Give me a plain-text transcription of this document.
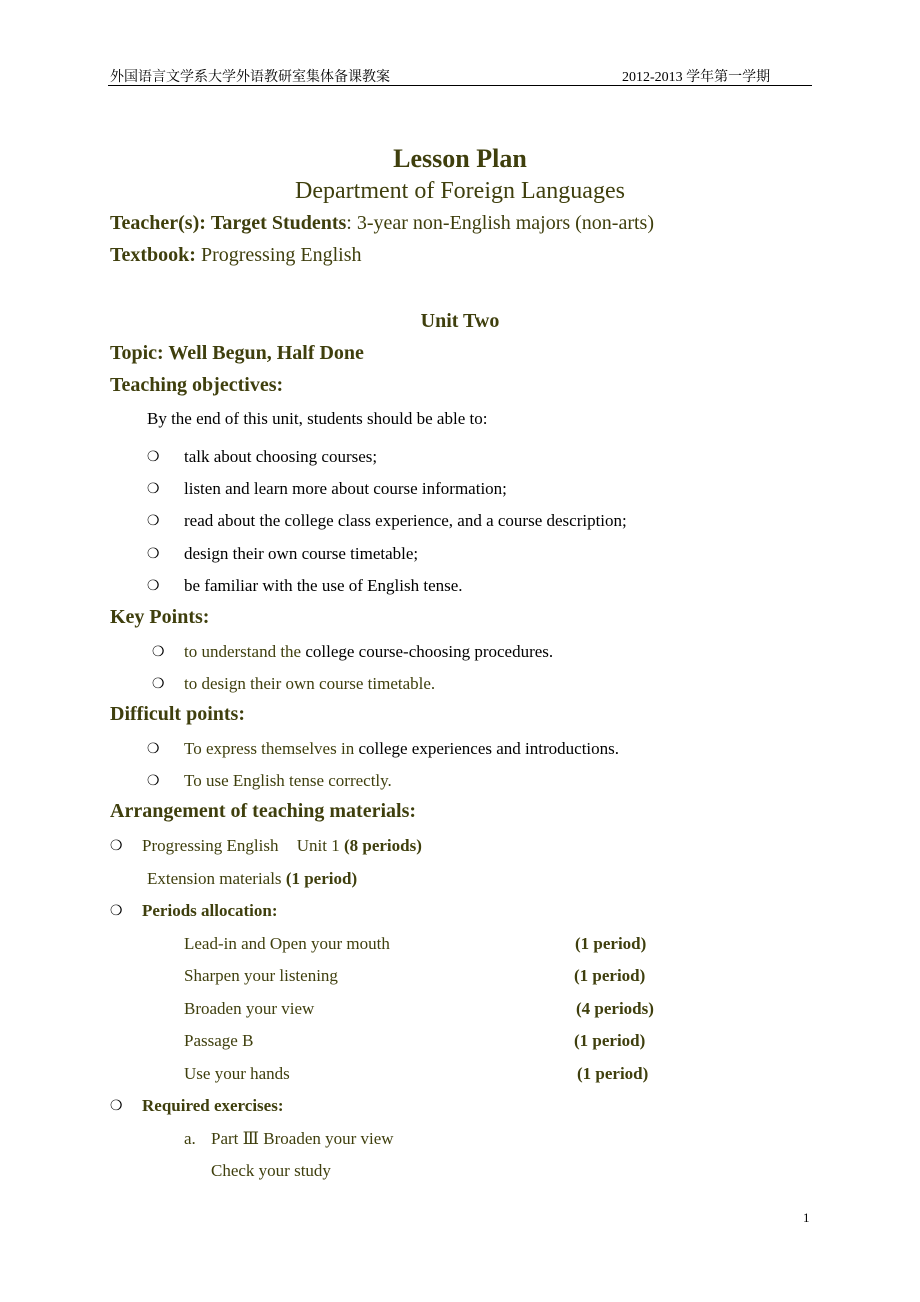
外国语言文学系大学外语教研室集体备课教案	2012-2013 学年第一学期
Lesson Plan
Department of Foreign Languages
Teacher(s): Target Students: 3-year non-English majors (non-arts)
Textbook: Progressing English
Unit Two
Topic: Well Begun, Half Done
Teaching objectives:
By the end of this unit, students should be able to:
❍ talk about choosing courses;
❍ listen and learn more about course information;
❍ read about the college class experience, and a course description;
❍ design their own course timetable;
❍ be familiar with the use of English tense.
Key Points:
❍ to understand the college course-choosing procedures.
❍ to design their own course timetable.
Difficult points:
❍ To express themselves in college experiences and introductions.
❍ To use English tense correctly.
Arrangement of teaching materials:
❍ Progressing English Unit 1 (8 periods)
Extension materials (1 period)
❍ Periods allocation:
Lead-in and Open your mouth	(1 period)
Sharpen your listening	(1 period)
Broaden your view	(4 periods)
Passage B	(1 period)
Use your hands	(1 period)
❍ Required exercises:
a. Part Ⅲ Broaden your view
Check your study
1
